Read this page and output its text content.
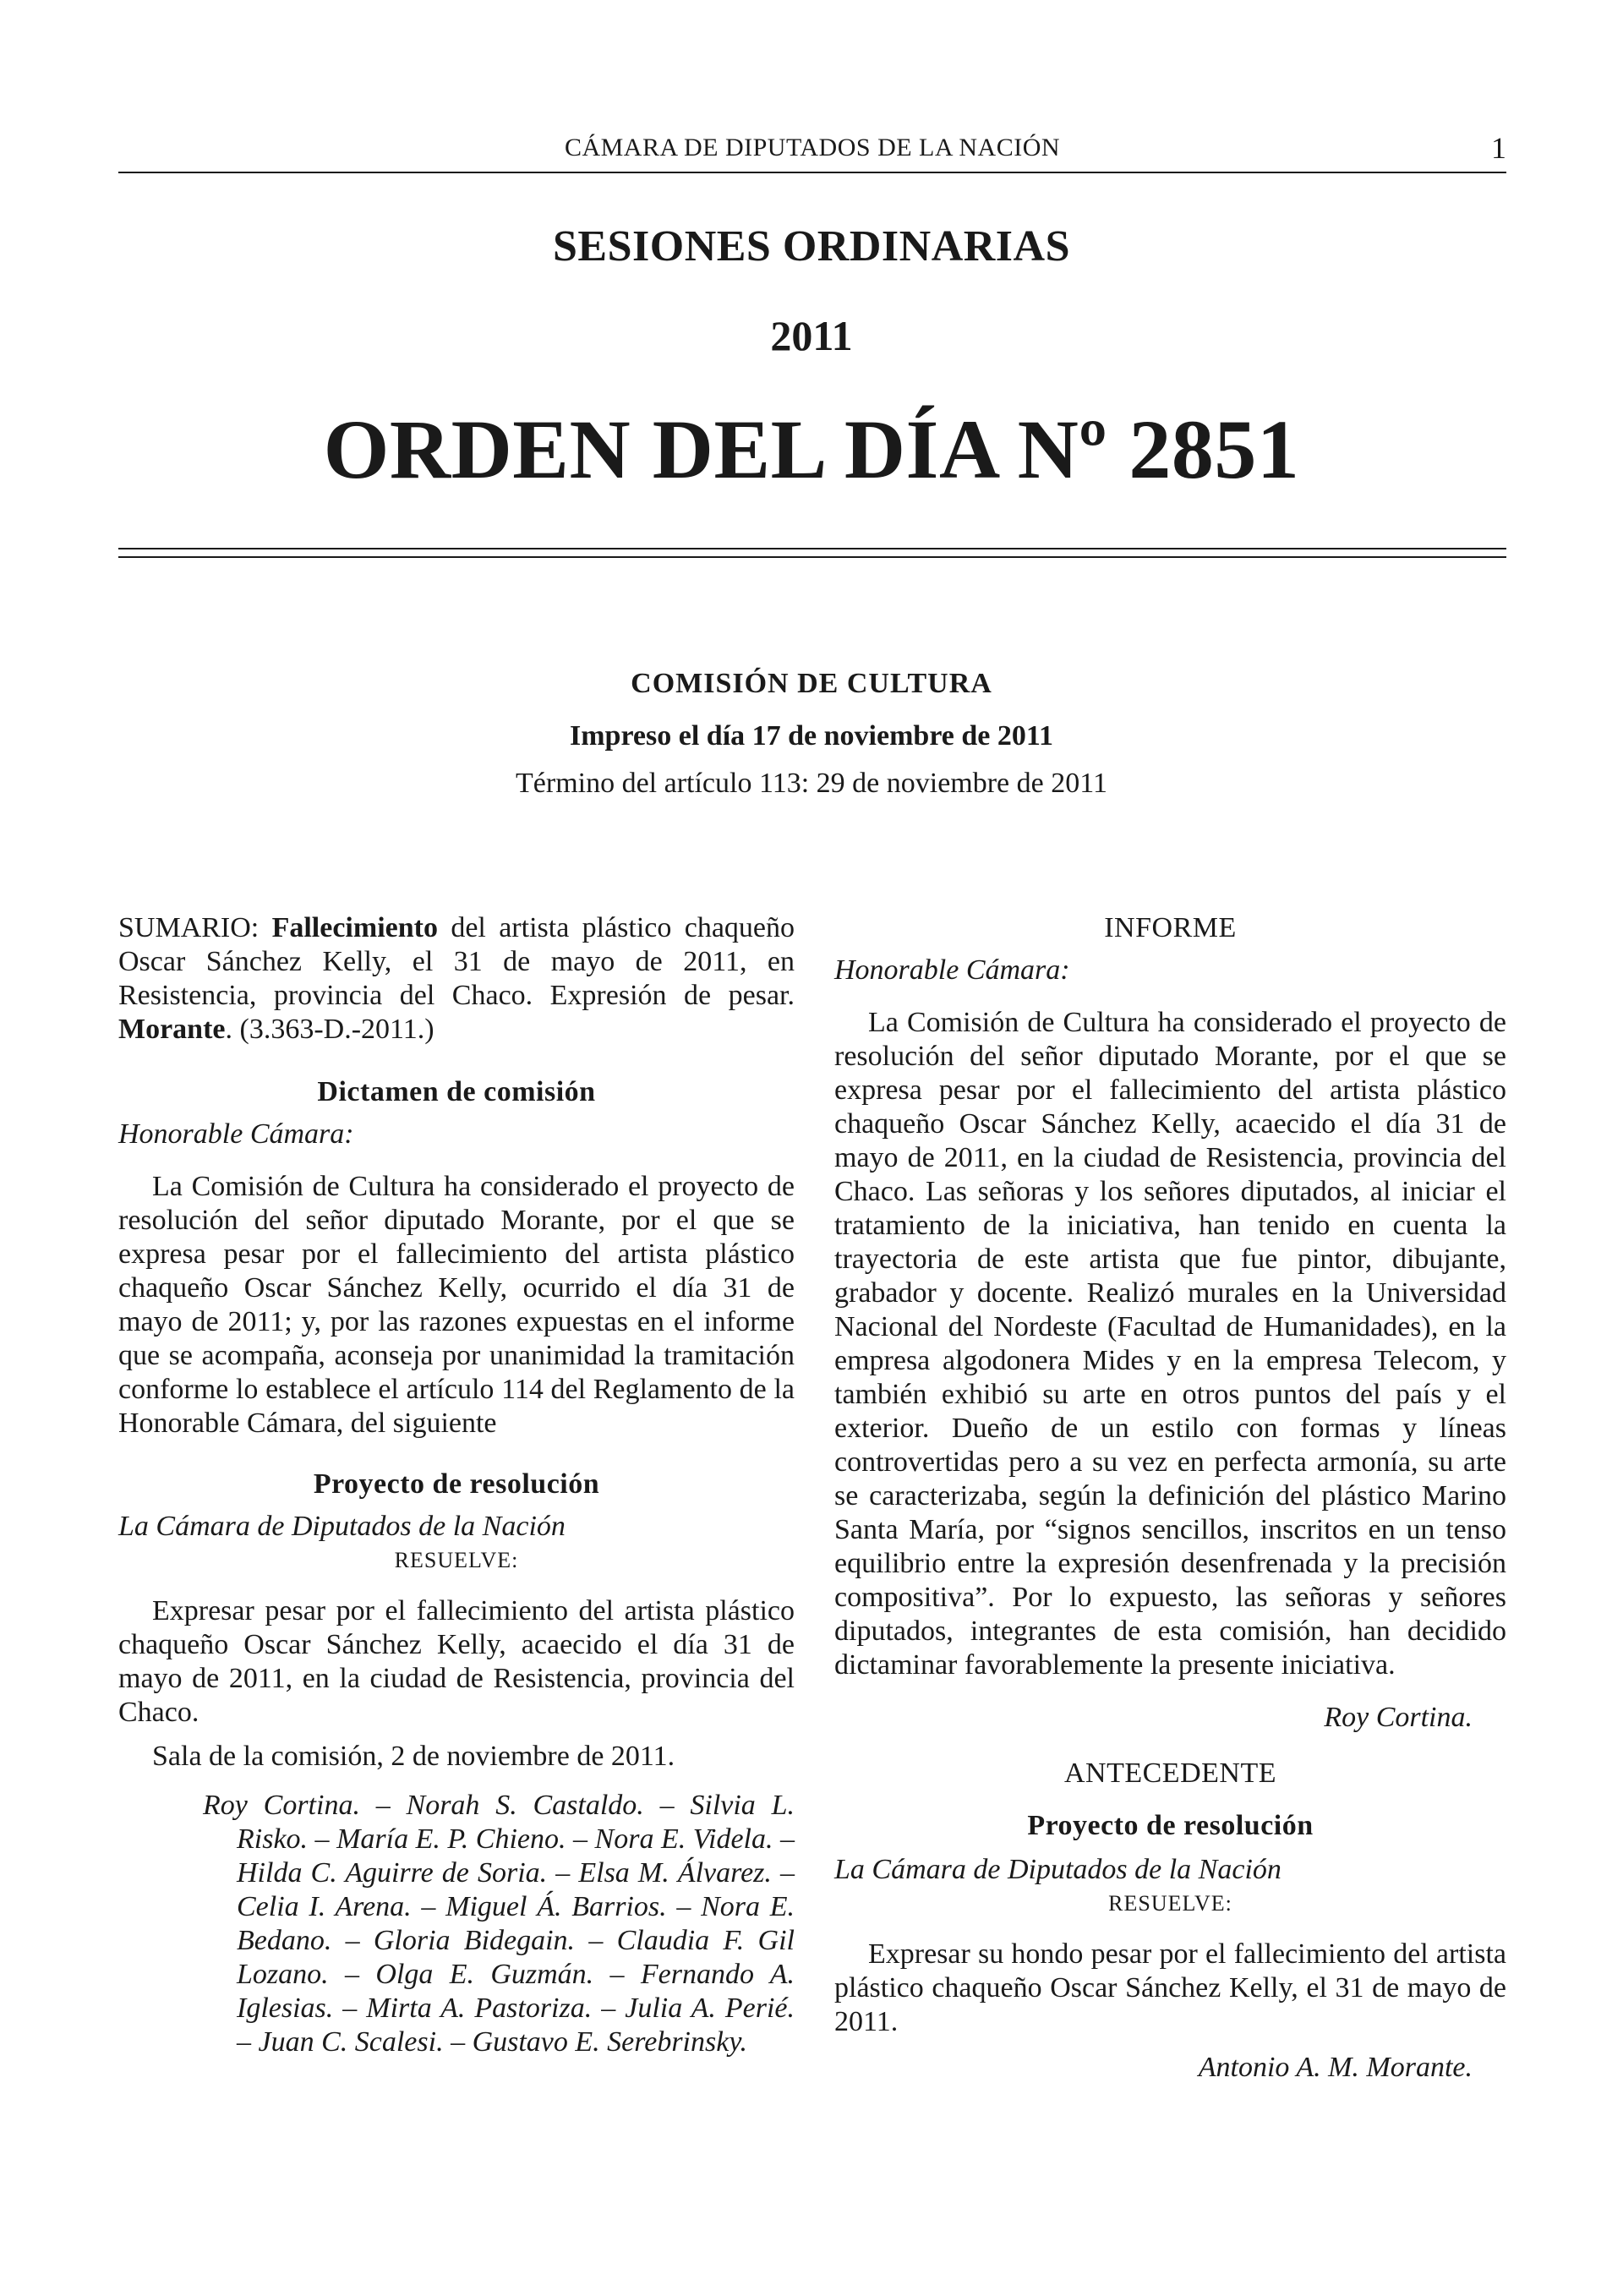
CÁMARA DE DIPUTADOS DE LA NACIÓN	1
SESIONES ORDINARIAS
2011
ORDEN DEL DÍA Nº 2851
COMISIÓN DE CULTURA
Impreso el día 17 de noviembre de 2011
Término del artículo 113: 29 de noviembre de 2011

SUMARIO: Fallecimiento del artista plástico chaqueño Oscar Sánchez Kelly, el 31 de mayo de 2011, en Resistencia, provincia del Chaco. Expresión de pesar. Morante. (3.363-D.-2011.)

Dictamen de comisión

Honorable Cámara:

La Comisión de Cultura ha considerado el proyecto de resolución del señor diputado Morante, por el que se expresa pesar por el fallecimiento del artista plástico chaqueño Oscar Sánchez Kelly, ocurrido el día 31 de mayo de 2011; y, por las razones expuestas en el informe que se acompaña, aconseja por unanimidad la tramitación conforme lo establece el artículo 114 del Reglamento de la Honorable Cámara, del siguiente

Proyecto de resolución

La Cámara de Diputados de la Nación

RESUELVE:

Expresar pesar por el fallecimiento del artista plástico chaqueño Oscar Sánchez Kelly, acaecido el día 31 de mayo de 2011, en la ciudad de Resistencia, provincia del Chaco.

Sala de la comisión, 2 de noviembre de 2011.

Roy Cortina. – Norah S. Castaldo. – Silvia L. Risko. – María E. P. Chieno. – Nora E. Videla. – Hilda C. Aguirre de Soria. – Elsa M. Álvarez. – Celia I. Arena. – Miguel Á. Barrios. – Nora E. Bedano. – Gloria Bidegain. – Claudia F. Gil Lozano. – Olga E. Guzmán. – Fernando A. Iglesias. – Mirta A. Pastoriza. – Julia A. Perié. – Juan C. Scalesi. – Gustavo E. Serebrinsky.

INFORME

Honorable Cámara:

La Comisión de Cultura ha considerado el proyecto de resolución del señor diputado Morante, por el que se expresa pesar por el fallecimiento del artista plástico chaqueño Oscar Sánchez Kelly, acaecido el día 31 de mayo de 2011, en la ciudad de Resistencia, provincia del Chaco. Las señoras y los señores diputados, al iniciar el tratamiento de la iniciativa, han tenido en cuenta la trayectoria de este artista que fue pintor, dibujante, grabador y docente. Realizó murales en la Universidad Nacional del Nordeste (Facultad de Humanidades), en la empresa algodonera Mides y en la empresa Telecom, y también exhibió su arte en otros puntos del país y el exterior. Dueño de un estilo con formas y líneas controvertidas pero a su vez en perfecta armonía, su arte se caracterizaba, según la definición del plástico Marino Santa María, por “signos sencillos, inscritos en un tenso equilibrio entre la expresión desenfrenada y la precisión compositiva”. Por lo expuesto, las señoras y señores diputados, integrantes de esta comisión, han decidido dictaminar favorablemente la presente iniciativa.

Roy Cortina.

ANTECEDENTE

Proyecto de resolución

La Cámara de Diputados de la Nación

RESUELVE:

Expresar su hondo pesar por el fallecimiento del artista plástico chaqueño Oscar Sánchez Kelly, el 31 de mayo de 2011.

Antonio A. M. Morante.
